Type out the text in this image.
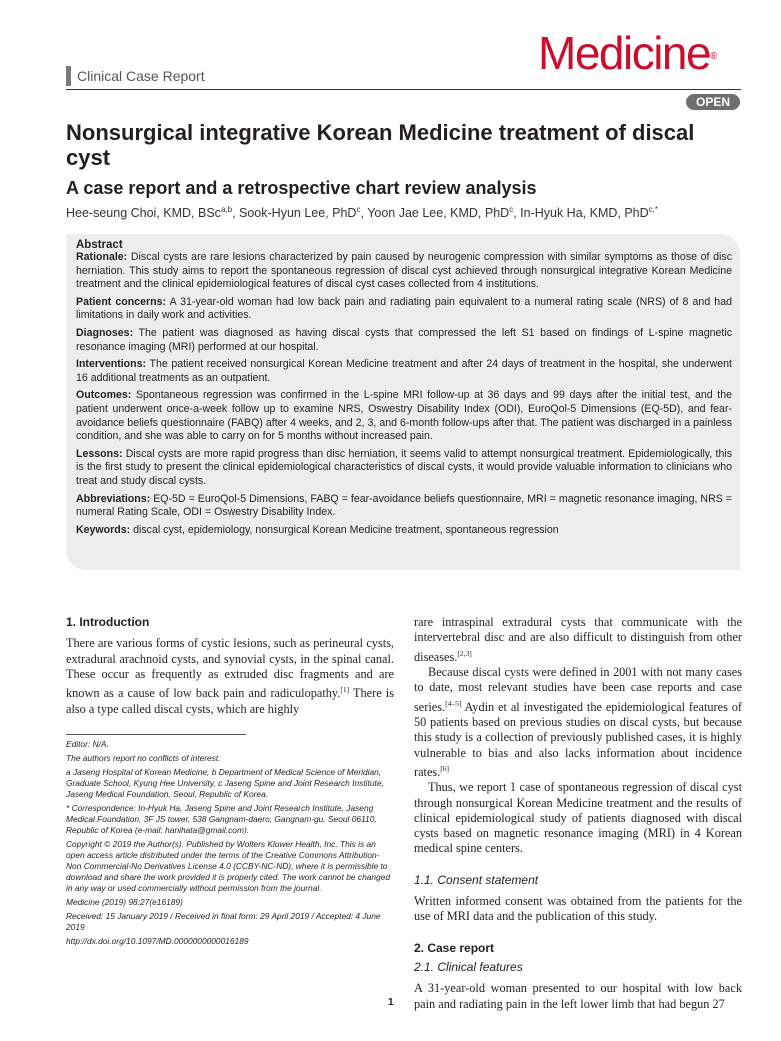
Clinical Case Report	Medicine®
OPEN
Nonsurgical integrative Korean Medicine treatment of discal cyst
A case report and a retrospective chart review analysis
Hee-seung Choi, KMD, BSc$^{a,b}$, Sook-Hyun Lee, PhD$^c$, Yoon Jae Lee, KMD, PhD$^c$, In-Hyuk Ha, KMD, PhD$^{c,*}$
Abstract
Rationale: Discal cysts are rare lesions characterized by pain caused by neurogenic compression with similar symptoms as those of disc herniation. This study aims to report the spontaneous regression of discal cyst achieved through nonsurgical integrative Korean Medicine treatment and the clinical epidemiological features of discal cyst cases collected from 4 institutions.
Patient concerns: A 31-year-old woman had low back pain and radiating pain equivalent to a numeral rating scale (NRS) of 8 and had limitations in daily work and activities.
Diagnoses: The patient was diagnosed as having discal cysts that compressed the left S1 based on findings of L-spine magnetic resonance imaging (MRI) performed at our hospital.
Interventions: The patient received nonsurgical Korean Medicine treatment and after 24 days of treatment in the hospital, she underwent 16 additional treatments as an outpatient.
Outcomes: Spontaneous regression was confirmed in the L-spine MRI follow-up at 36 days and 99 days after the initial test, and the patient underwent once-a-week follow up to examine NRS, Oswestry Disability Index (ODI), EuroQol-5 Dimensions (EQ-5D), and fear-avoidance beliefs questionnaire (FABQ) after 4 weeks, and 2, 3, and 6-month follow-ups after that. The patient was discharged in a painless condition, and she was able to carry on for 5 months without increased pain.
Lessons: Discal cysts are more rapid progress than disc herniation, it seems valid to attempt nonsurgical treatment. Epidemiologically, this is the first study to present the clinical epidemiological characteristics of discal cysts, it would provide valuable information to clinicians who treat and study discal cysts.
Abbreviations: EQ-5D = EuroQol-5 Dimensions, FABQ = fear-avoidance beliefs questionnaire, MRI = magnetic resonance imaging, NRS = numeral Rating Scale, ODI = Oswestry Disability Index.
Keywords: discal cyst, epidemiology, nonsurgical Korean Medicine treatment, spontaneous regression
1. Introduction
There are various forms of cystic lesions, such as perineural cysts, extradural arachnoid cysts, and synovial cysts, in the spinal canal. These occur as frequently as extruded disc fragments and are known as a cause of low back pain and radiculopathy.[1] There is also a type called discal cysts, which are highly

Editor: N/A.

The authors report no conflicts of interest.

a Jaseng Hospital of Korean Medicine, b Department of Medical Science of Meridian, Graduate School, Kyung Hee University, c Jaseng Spine and Joint Research Institute, Jaseng Medical Foundation, Seoul, Republic of Korea.

* Correspondence: In-Hyuk Ha, Jaseng Spine and Joint Research Institute, Jaseng Medical Foundation, 3F JS tower, 538 Gangnam-daero, Gangnam-gu, Seoul 06110, Republic of Korea (e-mail: hanihata@gmail.com).

Copyright © 2019 the Author(s). Published by Wolters Kluwer Health, Inc. This is an open access article distributed under the terms of the Creative Commons Attribution-Non Commercial-No Derivatives License 4.0 (CCBY-NC-ND), where it is permissible to download and share the work provided it is properly cited. The work cannot be changed in any way or used commercially without permission from the journal.

Medicine (2019) 98:27(e16189)

Received: 15 January 2019 / Received in final form: 29 April 2019 / Accepted: 4 June 2019

http://dx.doi.org/10.1097/MD.0000000000016189

rare intraspinal extradural cysts that communicate with the intervertebral disc and are also difficult to distinguish from other diseases.[2,3]
Because discal cysts were defined in 2001 with not many cases to date, most relevant studies have been case reports and case series.[4–5] Aydin et al investigated the epidemiological features of 50 patients based on previous studies on discal cysts, but because this study is a collection of previously published cases, it is highly vulnerable to bias and also lacks information about incidence rates.[6]
Thus, we report 1 case of spontaneous regression of discal cyst through nonsurgical Korean Medicine treatment and the results of clinical epidemiological study of patients diagnosed with discal cysts based on magnetic resonance imaging (MRI) in 4 Korean medical spine centers.
1.1. Consent statement
Written informed consent was obtained from the patients for the use of MRI data and the publication of this study.
2. Case report
2.1. Clinical features
A 31-year-old woman presented to our hospital with low back pain and radiating pain in the left lower limb that had begun 27
1
